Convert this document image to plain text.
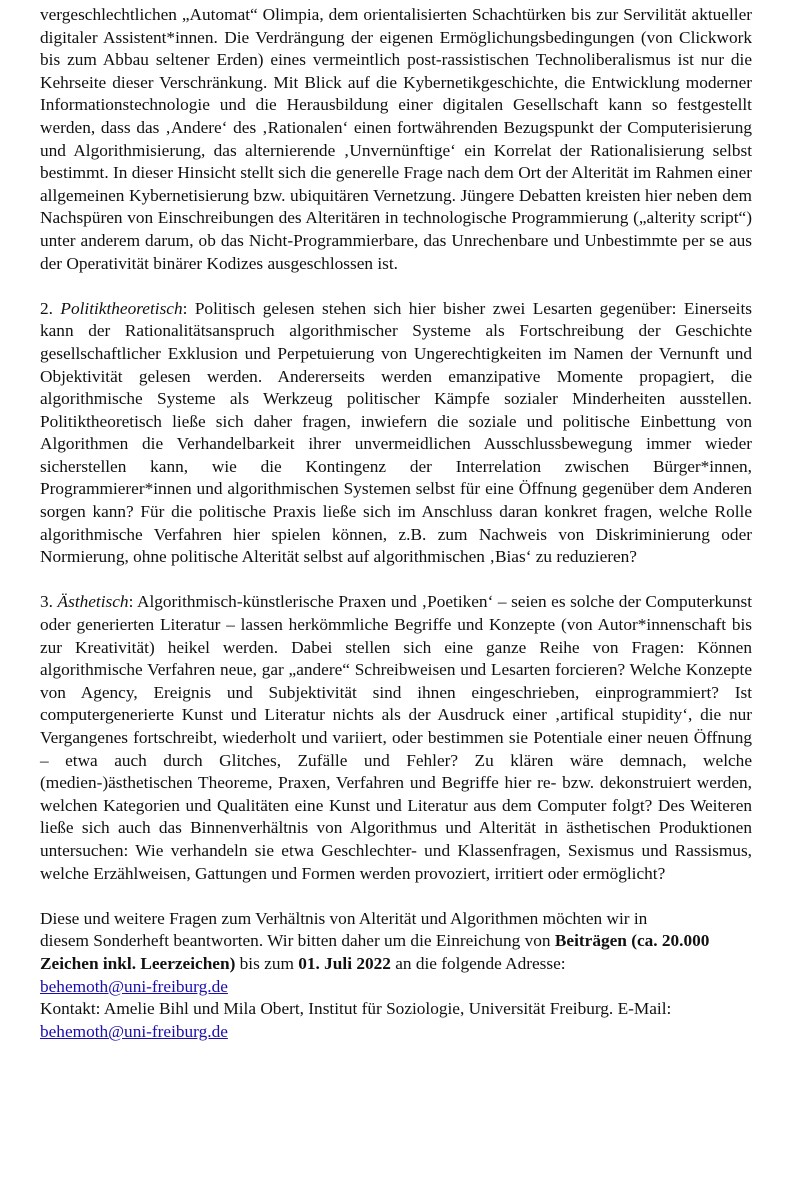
vergeschlechtlichen „Automat“ Olimpia, dem orientalisierten Schachtürken bis zur Servilität aktueller digitaler Assistent*innen. Die Verdrängung der eigenen Ermöglichungsbedingungen (von Clickwork bis zum Abbau seltener Erden) eines vermeintlich post-rassistischen Technoliberalismus ist nur die Kehrseite dieser Verschränkung. Mit Blick auf die Kybernetikgeschichte, die Entwicklung moderner Informationstechnologie und die Herausbildung einer digitalen Gesellschaft kann so festgestellt werden, dass das ‚Andere‘ des ‚Rationalen‘ einen fortwährenden Bezugspunkt der Computerisierung und Algorithmisierung, das alternierende ‚Unvernünftige‘ ein Korrelat der Rationalisierung selbst bestimmt. In dieser Hinsicht stellt sich die generelle Frage nach dem Ort der Alterität im Rahmen einer allgemeinen Kybernetisierung bzw. ubiquitären Vernetzung. Jüngere Debatten kreisten hier neben dem Nachspüren von Einschreibungen des Alteritären in technologische Programmierung („alterity script“) unter anderem darum, ob das Nicht-Programmierbare, das Unrechenbare und Unbestimmte per se aus der Operativität binärer Kodizes ausgeschlossen ist.

2. Politiktheoretisch: Politisch gelesen stehen sich hier bisher zwei Lesarten gegenüber: Einerseits kann der Rationalitätsanspruch algorithmischer Systeme als Fortschreibung der Geschichte gesellschaftlicher Exklusion und Perpetuierung von Ungerechtigkeiten im Namen der Vernunft und Objektivität gelesen werden. Andererseits werden emanzipative Momente propagiert, die algorithmische Systeme als Werkzeug politischer Kämpfe sozialer Minderheiten ausstellen. Politiktheoretisch ließe sich daher fragen, inwiefern die soziale und politische Einbettung von Algorithmen die Verhandelbarkeit ihrer unvermeidlichen Ausschlussbewegung immer wieder sicherstellen kann, wie die Kontingenz der Interrelation zwischen Bürger*innen, Programmierer*innen und algorithmischen Systemen selbst für eine Öffnung gegenüber dem Anderen sorgen kann? Für die politische Praxis ließe sich im Anschluss daran konkret fragen, welche Rolle algorithmische Verfahren hier spielen können, z.B. zum Nachweis von Diskriminierung oder Normierung, ohne politische Alterität selbst auf algorithmischen ‚Bias‘ zu reduzieren?

3. Ästhetisch: Algorithmisch-künstlerische Praxen und ‚Poetiken‘ – seien es solche der Computerkunst oder generierten Literatur – lassen herkömmliche Begriffe und Konzepte (von Autor*innenschaft bis zur Kreativität) heikel werden. Dabei stellen sich eine ganze Reihe von Fragen: Können algorithmische Verfahren neue, gar „andere“ Schreibweisen und Lesarten forcieren? Welche Konzepte von Agency, Ereignis und Subjektivität sind ihnen eingeschrieben, einprogrammiert? Ist computergenerierte Kunst und Literatur nichts als der Ausdruck einer ‚artifical stupidity‘, die nur Vergangenes fortschreibt, wiederholt und variiert, oder bestimmen sie Potentiale einer neuen Öffnung – etwa auch durch Glitches, Zufälle und Fehler? Zu klären wäre demnach, welche (medien-)ästhetischen Theoreme, Praxen, Verfahren und Begriffe hier re- bzw. dekonstruiert werden, welchen Kategorien und Qualitäten eine Kunst und Literatur aus dem Computer folgt? Des Weiteren ließe sich auch das Binnenverhältnis von Algorithmus und Alterität in ästhetischen Produktionen untersuchen: Wie verhandeln sie etwa Geschlechter- und Klassenfragen, Sexismus und Rassismus, welche Erzählweisen, Gattungen und Formen werden provoziert, irritiert oder ermöglicht?

Diese und weitere Fragen zum Verhältnis von Alterität und Algorithmen möchten wir in

diesem Sonderheft beantworten. Wir bitten daher um die Einreichung von Beiträgen (ca. 20.000 Zeichen inkl. Leerzeichen) bis zum 01. Juli 2022 an die folgende Adresse:

behemoth@uni-freiburg.de

Kontakt: Amelie Bihl und Mila Obert, Institut für Soziologie, Universität Freiburg. E-Mail:

behemoth@uni-freiburg.de
